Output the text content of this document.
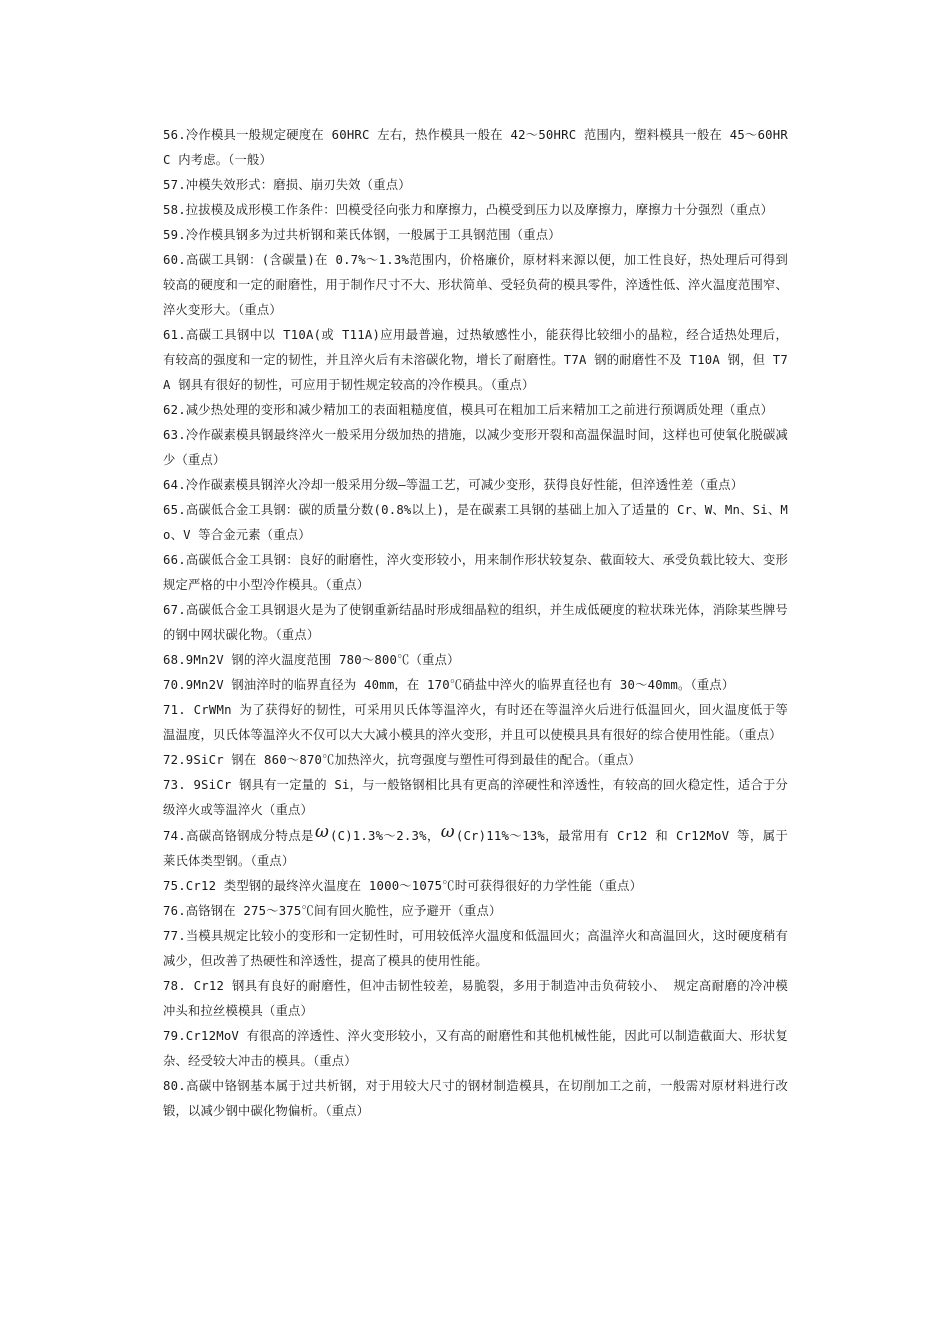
56.冷作模具一般规定硬度在 60HRC 左右，热作模具一般在 42～50HRC 范围内，塑料模具一般在 45～60HRC 内考虑。（一般）

57.冲模失效形式：磨损、崩刃失效（重点）

58.拉拔模及成形模工作条件：凹模受径向张力和摩擦力，凸模受到压力以及摩擦力，摩擦力十分强烈（重点）

59.冷作模具钢多为过共析钢和莱氏体钢，一般属于工具钢范围（重点）

60.高碳工具钢：(含碳量)在 0.7%～1.3%范围内，价格廉价，原材料来源以便，加工性良好，热处理后可得到较高的硬度和一定的耐磨性，用于制作尺寸不大、形状简单、受轻负荷的模具零件，淬透性低、淬火温度范围窄、淬火变形大。（重点）

61.高碳工具钢中以 T10A(或 T11A)应用最普遍，过热敏感性小，能获得比较细小的晶粒，经合适热处理后，有较高的强度和一定的韧性，并且淬火后有未溶碳化物，增长了耐磨性。T7A 钢的耐磨性不及 T10A 钢，但 T7A 钢具有很好的韧性，可应用于韧性规定较高的冷作模具。（重点）

62.减少热处理的变形和减少精加工的表面粗糙度值，模具可在粗加工后来精加工之前进行预调质处理（重点）

63.冷作碳素模具钢最终淬火一般采用分级加热的措施，以减少变形开裂和高温保温时间，这样也可使氧化脱碳减少（重点）

64.冷作碳素模具钢淬火冷却一般采用分级—等温工艺，可减少变形，获得良好性能，但淬透性差（重点）

65.高碳低合金工具钢：碳的质量分数(0.8%以上)，是在碳素工具钢的基础上加入了适量的 Cr、W、Mn、Si、Mo、V 等合金元素（重点）

66.高碳低合金工具钢：良好的耐磨性，淬火变形较小，用来制作形状较复杂、截面较大、承受负载比较大、变形规定严格的中小型冷作模具。（重点）

67.高碳低合金工具钢退火是为了使钢重新结晶时形成细晶粒的组织，并生成低硬度的粒状珠光体，消除某些牌号的钢中网状碳化物。（重点）

68.9Mn2V 钢的淬火温度范围 780～800℃（重点）

70.9Mn2V 钢油淬时的临界直径为 40mm，在 170℃硝盐中淬火的临界直径也有 30～40mm。（重点）

71. CrWMn 为了获得好的韧性，可采用贝氏体等温淬火，有时还在等温淬火后进行低温回火，回火温度低于等温温度，贝氏体等温淬火不仅可以大大减小模具的淬火变形，并且可以使模具具有很好的综合使用性能。（重点）

72.9SiCr 钢在 860～870℃加热淬火，抗弯强度与塑性可得到最佳的配合。（重点）

73. 9SiCr 钢具有一定量的 Si，与一般铬钢相比具有更高的淬硬性和淬透性，有较高的回火稳定性，适合于分级淬火或等温淬火（重点）

74.高碳高铬钢成分特点是ω(C)1.3%～2.3%，ω(Cr)11%～13%，最常用有 Cr12 和 Cr12MoV 等，属于莱氏体类型钢。（重点）

75.Cr12 类型钢的最终淬火温度在 1000～1075℃时可获得很好的力学性能（重点）

76.高铬钢在 275～375℃间有回火脆性，应予避开（重点）

77.当模具规定比较小的变形和一定韧性时，可用较低淬火温度和低温回火；高温淬火和高温回火，这时硬度稍有减少，但改善了热硬性和淬透性，提高了模具的使用性能。

78. Cr12 钢具有良好的耐磨性，但冲击韧性较差，易脆裂，多用于制造冲击负荷较小、 规定高耐磨的冷冲模冲头和拉丝模模具（重点）

79.Cr12MoV 有很高的淬透性、淬火变形较小，又有高的耐磨性和其他机械性能，因此可以制造截面大、形状复杂、经受较大冲击的模具。（重点）

80.高碳中铬钢基本属于过共析钢，对于用较大尺寸的钢材制造模具，在切削加工之前，一般需对原材料进行改锻，以减少钢中碳化物偏析。（重点）
